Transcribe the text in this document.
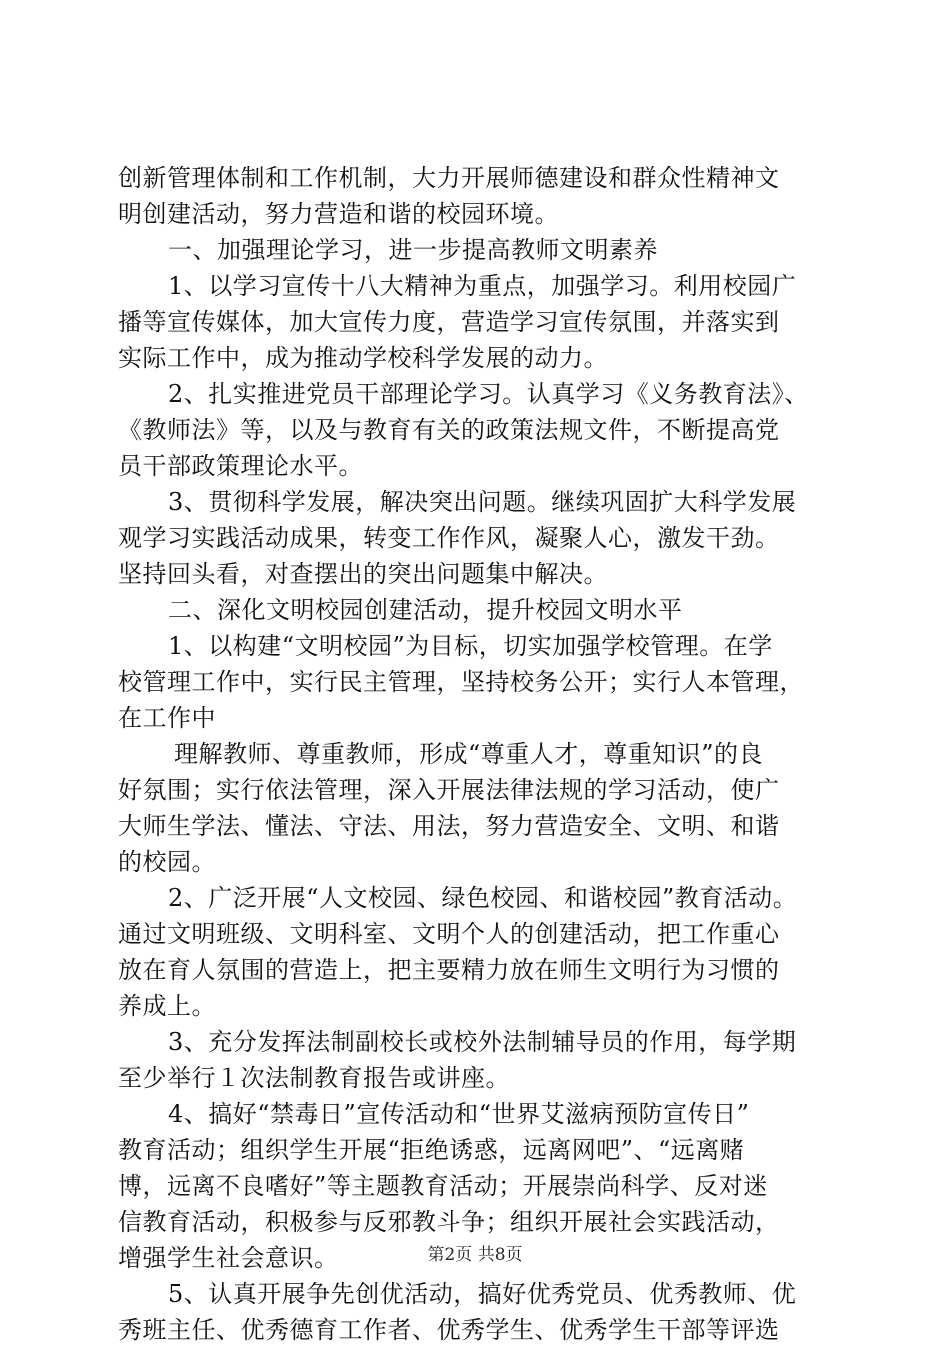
创新管理体制和工作机制，大力开展师德建设和群众性精神文
明创建活动，努力营造和谐的校园环境。
一、加强理论学习，进一步提高教师文明素养
1、以学习宣传十八大精神为重点，加强学习。利用校园广
播等宣传媒体，加大宣传力度，营造学习宣传氛围，并落实到
实际工作中，成为推动学校科学发展的动力。
2、扎实推进党员干部理论学习。认真学习《义务教育法》、
《教师法》等，以及与教育有关的政策法规文件，不断提高党
员干部政策理论水平。
3、贯彻科学发展，解决突出问题。继续巩固扩大科学发展
观学习实践活动成果，转变工作作风，凝聚人心，激发干劲。
坚持回头看，对查摆出的突出问题集中解决。
二、深化文明校园创建活动，提升校园文明水平
1、以构建“文明校园”为目标，切实加强学校管理。在学
校管理工作中，实行民主管理，坚持校务公开；实行人本管理，
在工作中
理解教师、尊重教师，形成“尊重人才，尊重知识”的良
好氛围；实行依法管理，深入开展法律法规的学习活动，使广
大师生学法、懂法、守法、用法，努力营造安全、文明、和谐
的校园。
2、广泛开展“人文校园、绿色校园、和谐校园”教育活动。
通过文明班级、文明科室、文明个人的创建活动，把工作重心
放在育人氛围的营造上，把主要精力放在师生文明行为习惯的
养成上。
3、充分发挥法制副校长或校外法制辅导员的作用，每学期
至少举行１次法制教育报告或讲座。
4、搞好“禁毒日”宣传活动和“世界艾滋病预防宣传日”
教育活动；组织学生开展“拒绝诱惑，远离网吧”、“远离赌
博，远离不良嗜好”等主题教育活动；开展崇尚科学、反对迷
信教育活动，积极参与反邪教斗争；组织开展社会实践活动，
增强学生社会意识。
5、认真开展争先创优活动，搞好优秀党员、优秀教师、优
秀班主任、优秀德育工作者、优秀学生、优秀学生干部等评选
第2页 共8页
